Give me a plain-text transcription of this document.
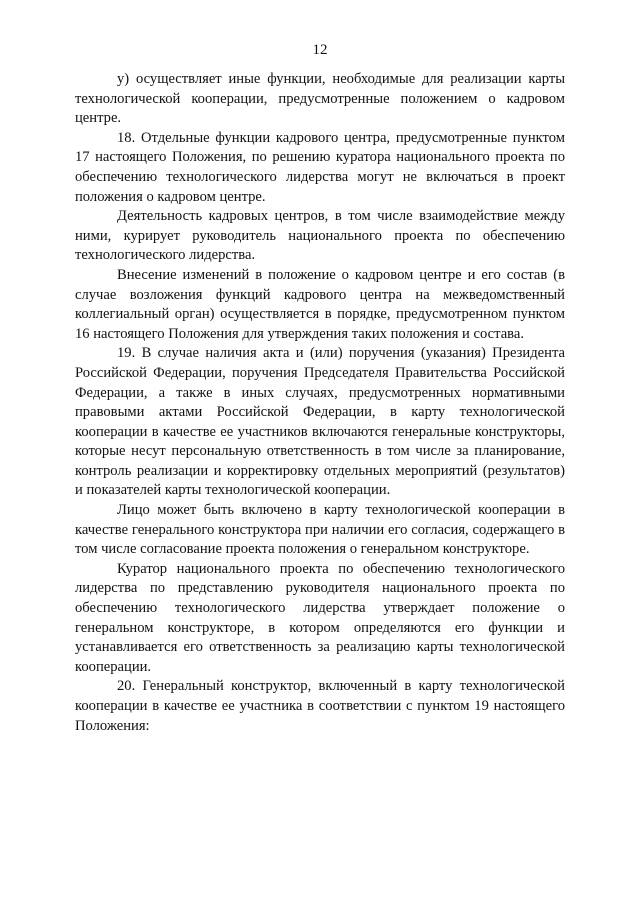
12

у) осуществляет иные функции, необходимые для реализации карты технологической кооперации, предусмотренные положением о кадровом центре.

18. Отдельные функции кадрового центра, предусмотренные пунктом 17 настоящего Положения, по решению куратора национального проекта по обеспечению технологического лидерства могут не включаться в проект положения о кадровом центре.

Деятельность кадровых центров, в том числе взаимодействие между ними, курирует руководитель национального проекта по обеспечению технологического лидерства.

Внесение изменений в положение о кадровом центре и его состав (в случае возложения функций кадрового центра на межведомственный коллегиальный орган) осуществляется в порядке, предусмотренном пунктом 16 настоящего Положения для утверждения таких положения и состава.

19. В случае наличия акта и (или) поручения (указания) Президента Российской Федерации, поручения Председателя Правительства Российской Федерации, а также в иных случаях, предусмотренных нормативными правовыми актами Российской Федерации, в карту технологической кооперации в качестве ее участников включаются генеральные конструкторы, которые несут персональную ответственность в том числе за планирование, контроль реализации и корректировку отдельных мероприятий (результатов) и показателей карты технологической кооперации.

Лицо может быть включено в карту технологической кооперации в качестве генерального конструктора при наличии его согласия, содержащего в том числе согласование проекта положения о генеральном конструкторе.

Куратор национального проекта по обеспечению технологического лидерства по представлению руководителя национального проекта по обеспечению технологического лидерства утверждает положение о генеральном конструкторе, в котором определяются его функции и устанавливается его ответственность за реализацию карты технологической кооперации.

20. Генеральный конструктор, включенный в карту технологической кооперации в качестве ее участника в соответствии с пунктом 19 настоящего Положения:
